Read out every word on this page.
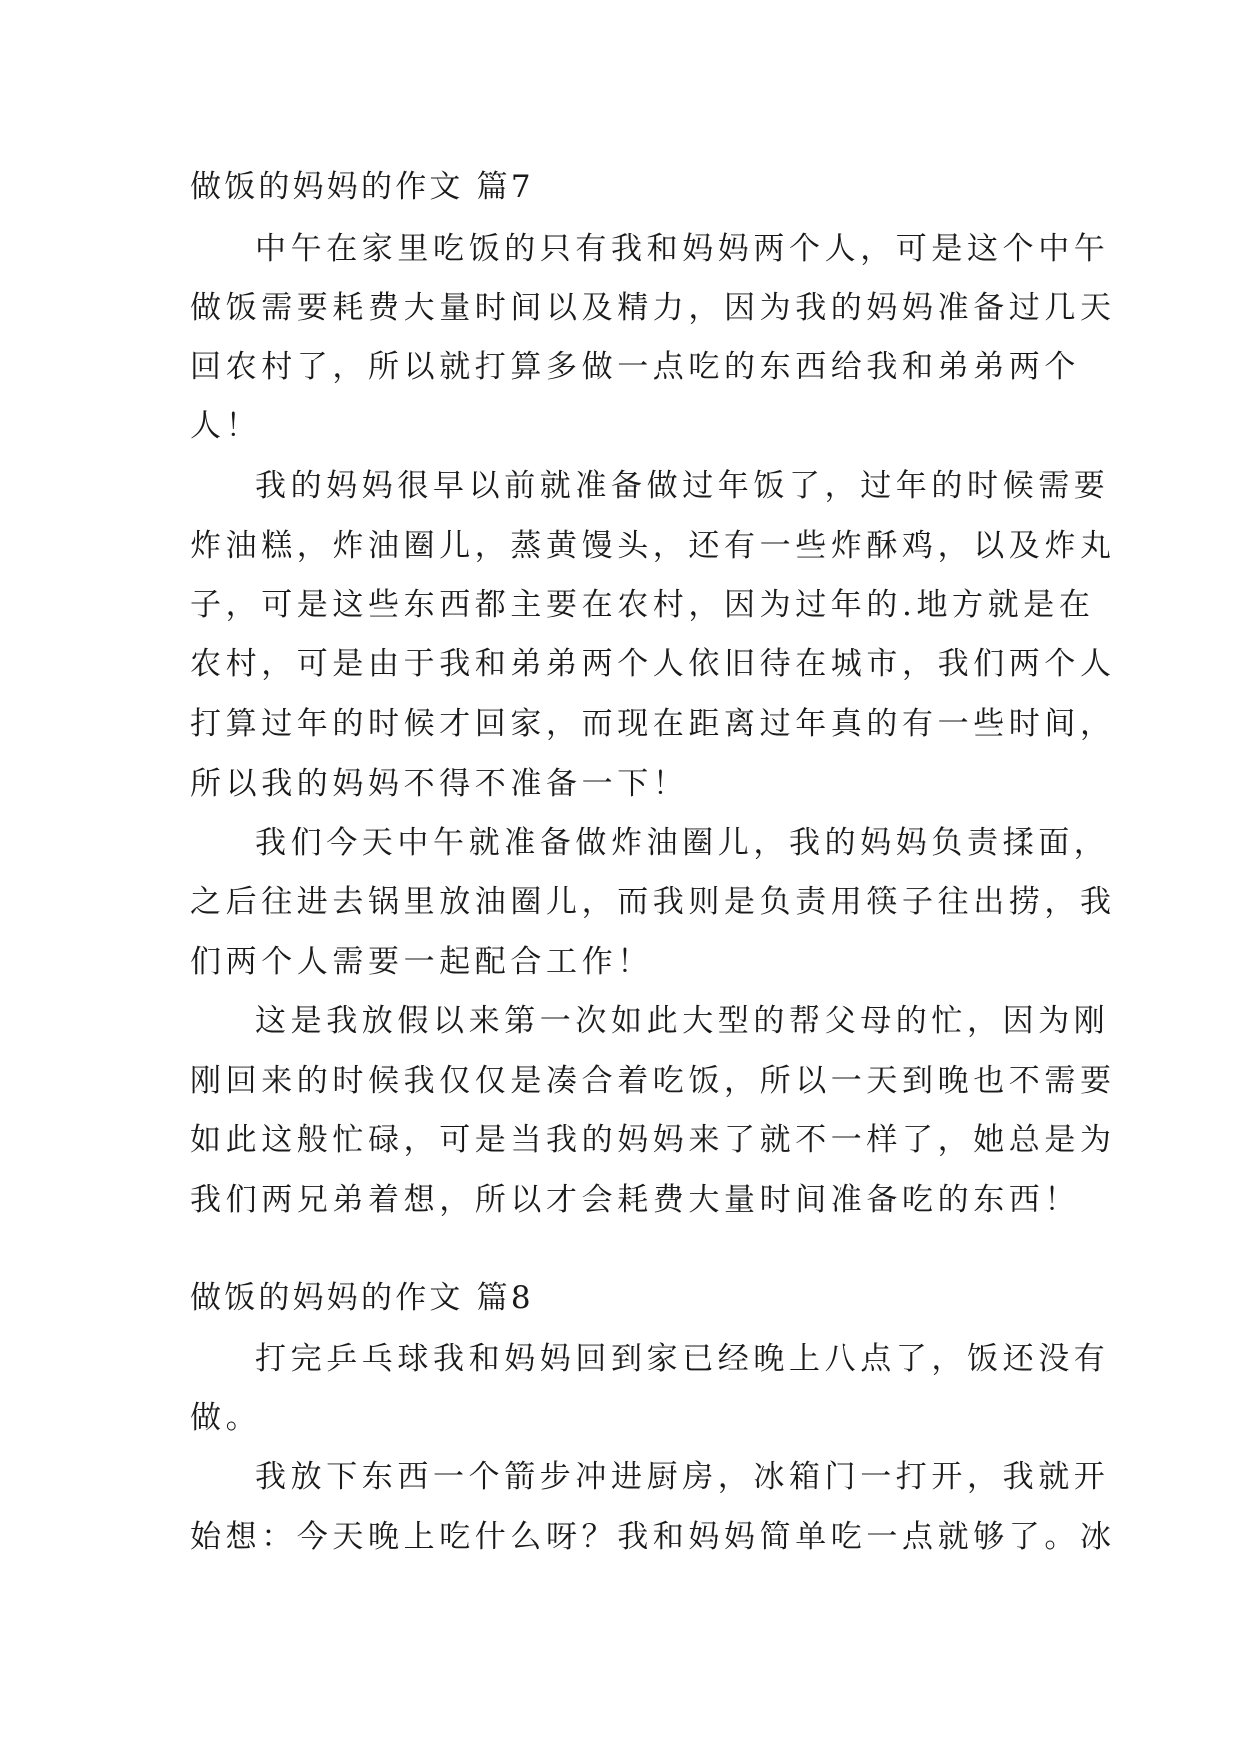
做饭的妈妈的作文 篇7
中午在家里吃饭的只有我和妈妈两个人，可是这个中午
做饭需要耗费大量时间以及精力，因为我的妈妈准备过几天
回农村了，所以就打算多做一点吃的东西给我和弟弟两个
人！
我的妈妈很早以前就准备做过年饭了，过年的时候需要
炸油糕，炸油圈儿，蒸黄馒头，还有一些炸酥鸡，以及炸丸
子，可是这些东西都主要在农村，因为过年的.地方就是在
农村，可是由于我和弟弟两个人依旧待在城市，我们两个人
打算过年的时候才回家，而现在距离过年真的有一些时间，
所以我的妈妈不得不准备一下！
我们今天中午就准备做炸油圈儿，我的妈妈负责揉面，
之后往进去锅里放油圈儿，而我则是负责用筷子往出捞，我
们两个人需要一起配合工作！
这是我放假以来第一次如此大型的帮父母的忙，因为刚
刚回来的时候我仅仅是凑合着吃饭，所以一天到晚也不需要
如此这般忙碌，可是当我的妈妈来了就不一样了，她总是为
我们两兄弟着想，所以才会耗费大量时间准备吃的东西！
做饭的妈妈的作文 篇8
打完乒乓球我和妈妈回到家已经晚上八点了，饭还没有
做。
我放下东西一个箭步冲进厨房，冰箱门一打开，我就开
始想：今天晚上吃什么呀？我和妈妈简单吃一点就够了。冰
